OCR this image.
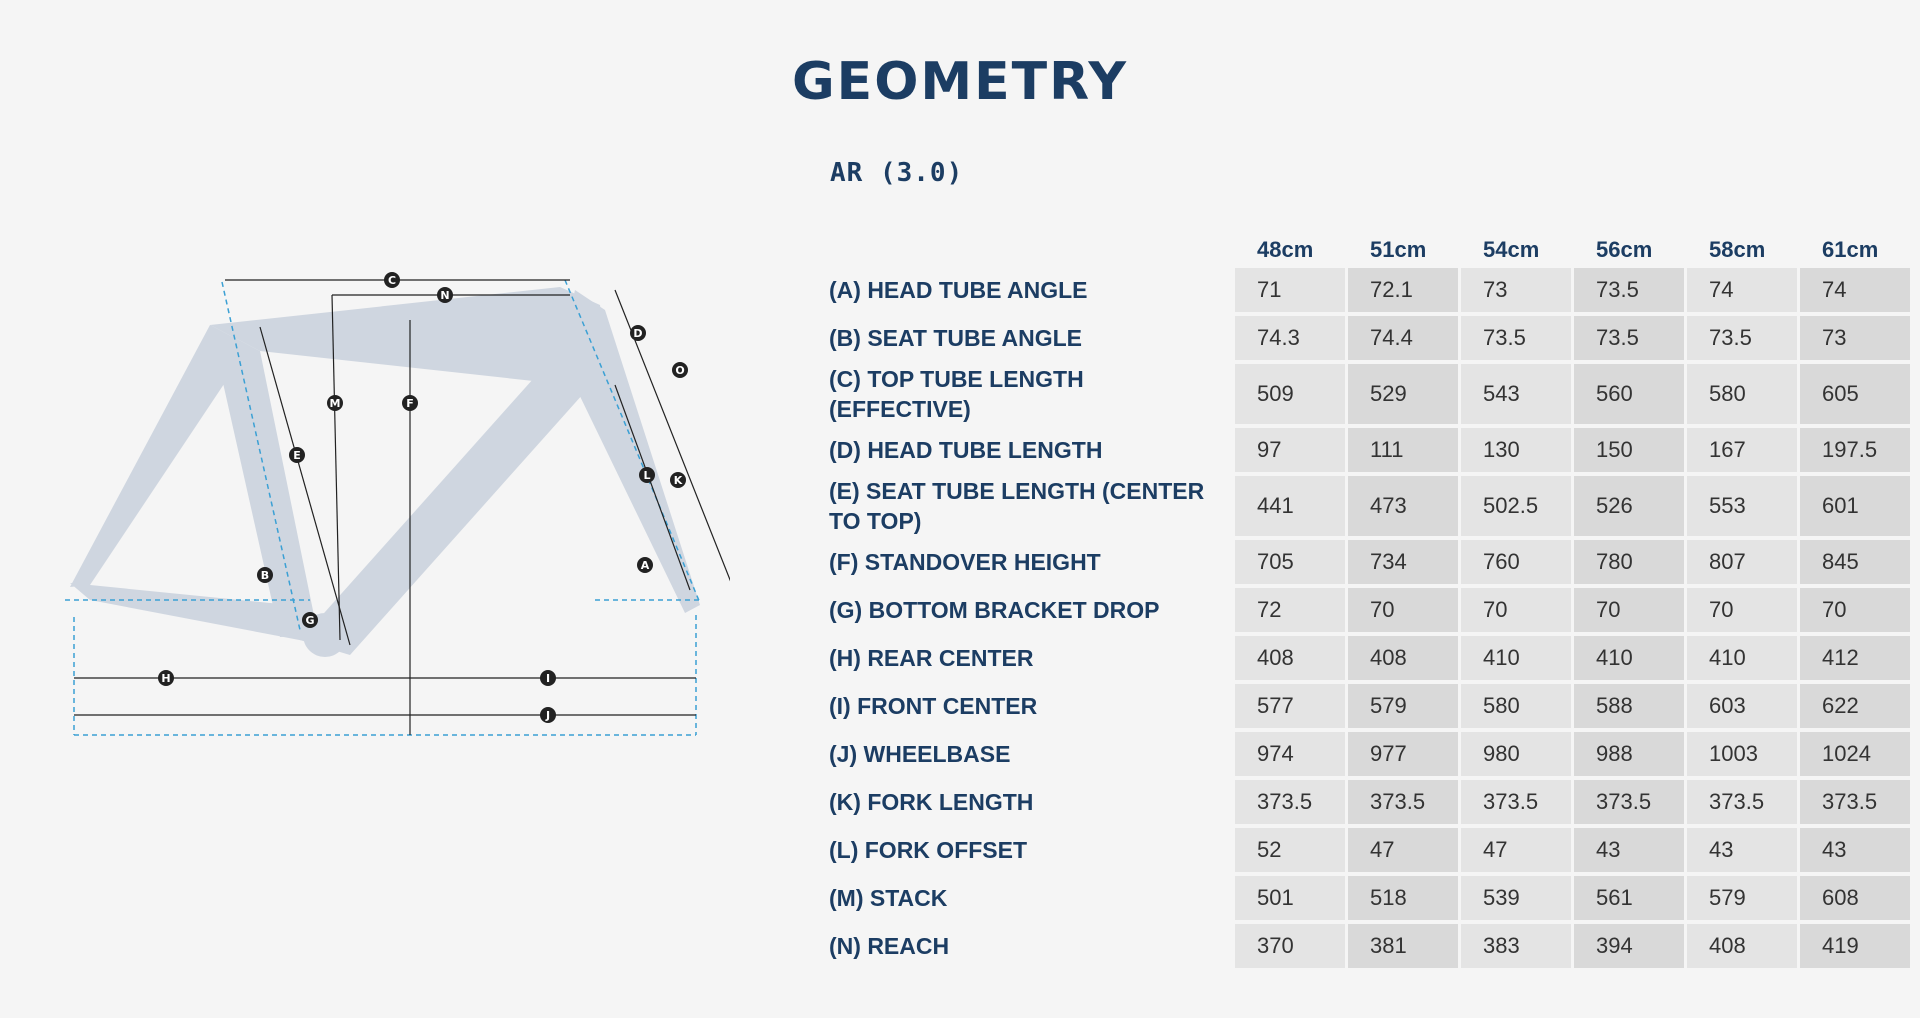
GEOMETRY
AR (3.0)
C
N
D
O
M	F
E
L K
A
B
G
H	I
J
	48cm	51cm	54cm	56cm	58cm	61cm
(A) HEAD TUBE ANGLE	71	72.1	73	73.5	74	74
(B) SEAT TUBE ANGLE	74.3	74.4	73.5	73.5	73.5	73
(C) TOP TUBE LENGTH (EFFECTIVE)	509	529	543	560	580	605
(D) HEAD TUBE LENGTH	97	111	130	150	167	197.5
(E) SEAT TUBE LENGTH (CENTER TO TOP)	441	473	502.5	526	553	601
(F) STANDOVER HEIGHT	705	734	760	780	807	845
(G) BOTTOM BRACKET DROP	72	70	70	70	70	70
(H) REAR CENTER	408	408	410	410	410	412
(I) FRONT CENTER	577	579	580	588	603	622
(J) WHEELBASE	974	977	980	988	1003	1024
(K) FORK LENGTH	373.5	373.5	373.5	373.5	373.5	373.5
(L) FORK OFFSET	52	47	47	43	43	43
(M) STACK	501	518	539	561	579	608
(N) REACH	370	381	383	394	408	419
